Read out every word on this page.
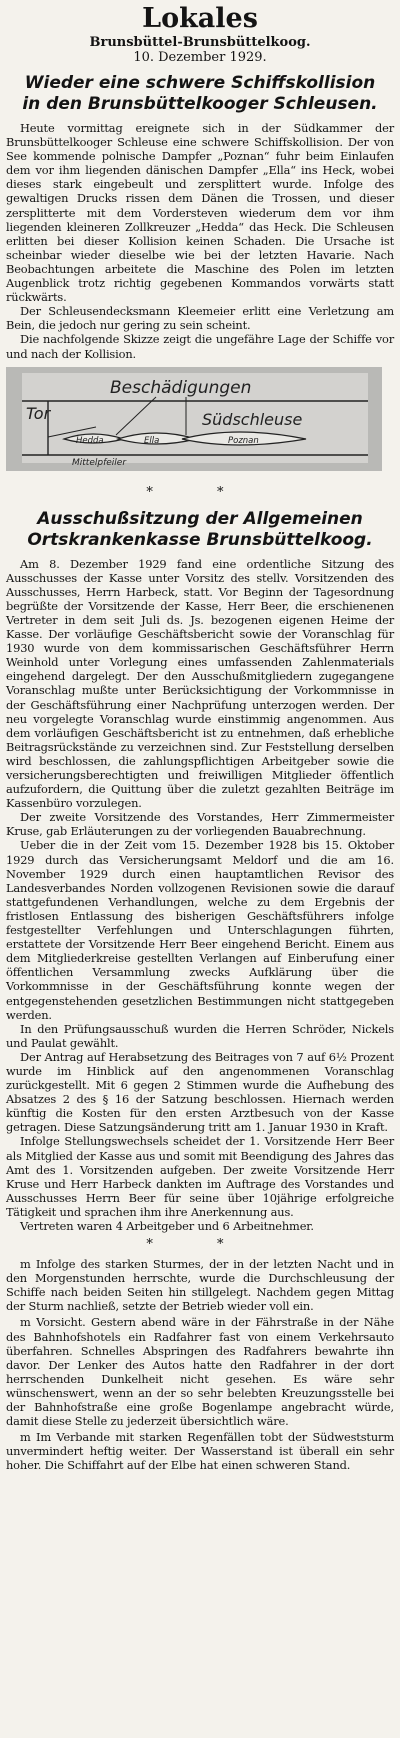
Lokales
Brunsbüttel-Brunsbüttelkoog.
10. Dezember 1929.
Wieder eine schwere Schiffskollision
in den Brunsbüttelkooger Schleusen.

Heute vormittag ereignete sich in der Südkammer der Brunsbüttelkooger Schleuse eine schwere Schiffskollision. Der von See kommende polnische Dampfer „Poznan“ fuhr beim Einlaufen dem vor ihm liegenden dänischen Dampfer „Ella“ ins Heck, wobei dieses stark eingebeult und zersplittert wurde. Infolge des gewaltigen Drucks rissen dem Dänen die Trossen, und dieser zersplitterte mit dem Vordersteven wiederum dem vor ihm liegenden kleineren Zollkreuzer „Hedda“ das Heck. Die Schleusen erlitten bei dieser Kollision keinen Schaden. Die Ursache ist scheinbar wieder dieselbe wie bei der letzten Havarie. Nach Beobachtungen arbeitete die Maschine des Polen im letzten Augenblick trotz richtig gegebenen Kommandos vorwärts statt rückwärts.

Der Schleusendecksmann Kleemeier erlitt eine Verletzung am Bein, die jedoch nur gering zu sein scheint.

Die nachfolgende Skizze zeigt die ungefähre Lage der Schiffe vor und nach der Kollision.

Tor
Beschädigungen
Südschleuse
Hedda	Ella	Poznan
Mittelpfeiler
* *
Ausschußsitzung der Allgemeinen
Ortskrankenkasse Brunsbüttelkoog.

Am 8. Dezember 1929 fand eine ordentliche Sitzung des Ausschusses der Kasse unter Vorsitz des stellv. Vorsitzenden des Ausschusses, Herrn Harbeck, statt. Vor Beginn der Tagesordnung begrüßte der Vorsitzende der Kasse, Herr Beer, die erschienenen Vertreter in dem seit Juli ds. Js. bezogenen eigenen Heime der Kasse. Der vorläufige Geschäftsbericht sowie der Voranschlag für 1930 wurde von dem kommissarischen Geschäftsführer Herrn Weinhold unter Vorlegung eines umfassenden Zahlenmaterials eingehend dargelegt. Der den Ausschußmitgliedern zugegangene Voranschlag mußte unter Berücksichtigung der Vorkommnisse in der Geschäftsführung einer Nachprüfung unterzogen werden. Der neu vorgelegte Voranschlag wurde einstimmig angenommen. Aus dem vorläufigen Geschäftsbericht ist zu entnehmen, daß erhebliche Beitragsrückstände zu verzeichnen sind. Zur Feststellung derselben wird beschlossen, die zahlungspflichtigen Arbeitgeber sowie die versicherungsberechtigten und freiwilligen Mitglieder öffentlich aufzufordern, die Quittung über die zuletzt gezahlten Beiträge im Kassenbüro vorzulegen.

Der zweite Vorsitzende des Vorstandes, Herr Zimmermeister Kruse, gab Erläuterungen zu der vorliegenden Bauabrechnung.

Ueber die in der Zeit vom 15. Dezember 1928 bis 15. Oktober 1929 durch das Versicherungsamt Meldorf und die am 16. November 1929 durch einen hauptamtlichen Revisor des Landesverbandes Norden vollzogenen Revisionen sowie die darauf stattgefundenen Verhandlungen, welche zu dem Ergebnis der fristlosen Entlassung des bisherigen Geschäftsführers infolge festgestellter Verfehlungen und Unterschlagungen führten, erstattete der Vorsitzende Herr Beer eingehend Bericht. Einem aus dem Mitgliederkreise gestellten Verlangen auf Einberufung einer öffentlichen Versammlung zwecks Aufklärung über die Vorkommnisse in der Geschäftsführung konnte wegen der entgegenstehenden gesetzlichen Bestimmungen nicht stattgegeben werden.

In den Prüfungsausschuß wurden die Herren Schröder, Nickels und Paulat gewählt.

Der Antrag auf Herabsetzung des Beitrages von 7 auf 6½ Prozent wurde im Hinblick auf den angenommenen Voranschlag zurückgestellt. Mit 6 gegen 2 Stimmen wurde die Aufhebung des Absatzes 2 des § 16 der Satzung beschlossen. Hiernach werden künftig die Kosten für den ersten Arztbesuch von der Kasse getragen. Diese Satzungsänderung tritt am 1. Januar 1930 in Kraft.

Infolge Stellungswechsels scheidet der 1. Vorsitzende Herr Beer als Mitglied der Kasse aus und somit mit Beendigung des Jahres das Amt des 1. Vorsitzenden aufgeben. Der zweite Vorsitzende Herr Kruse und Herr Harbeck dankten im Auftrage des Vorstandes und Ausschusses Herrn Beer für seine über 10jährige erfolgreiche Tätigkeit und sprachen ihm ihre Anerkennung aus.

Vertreten waren 4 Arbeitgeber und 6 Arbeitnehmer.

* *

m Infolge des starken Sturmes, der in der letzten Nacht und in den Morgenstunden herrschte, wurde die Durchschleusung der Schiffe nach beiden Seiten hin stillgelegt. Nachdem gegen Mittag der Sturm nachließ, setzte der Betrieb wieder voll ein.

m Vorsicht. Gestern abend wäre in der Fährstraße in der Nähe des Bahnhofshotels ein Radfahrer fast von einem Verkehrsauto überfahren. Schnelles Abspringen des Radfahrers bewahrte ihn davor. Der Lenker des Autos hatte den Radfahrer in der dort herrschenden Dunkelheit nicht gesehen. Es wäre sehr wünschenswert, wenn an der so sehr belebten Kreuzungsstelle bei der Bahnhofstraße eine große Bogenlampe angebracht würde, damit diese Stelle zu jederzeit übersichtlich wäre.

m Im Verbande mit starken Regenfällen tobt der Südweststurm unvermindert heftig weiter. Der Wasserstand ist überall ein sehr hoher. Die Schiffahrt auf der Elbe hat einen schweren Stand.
